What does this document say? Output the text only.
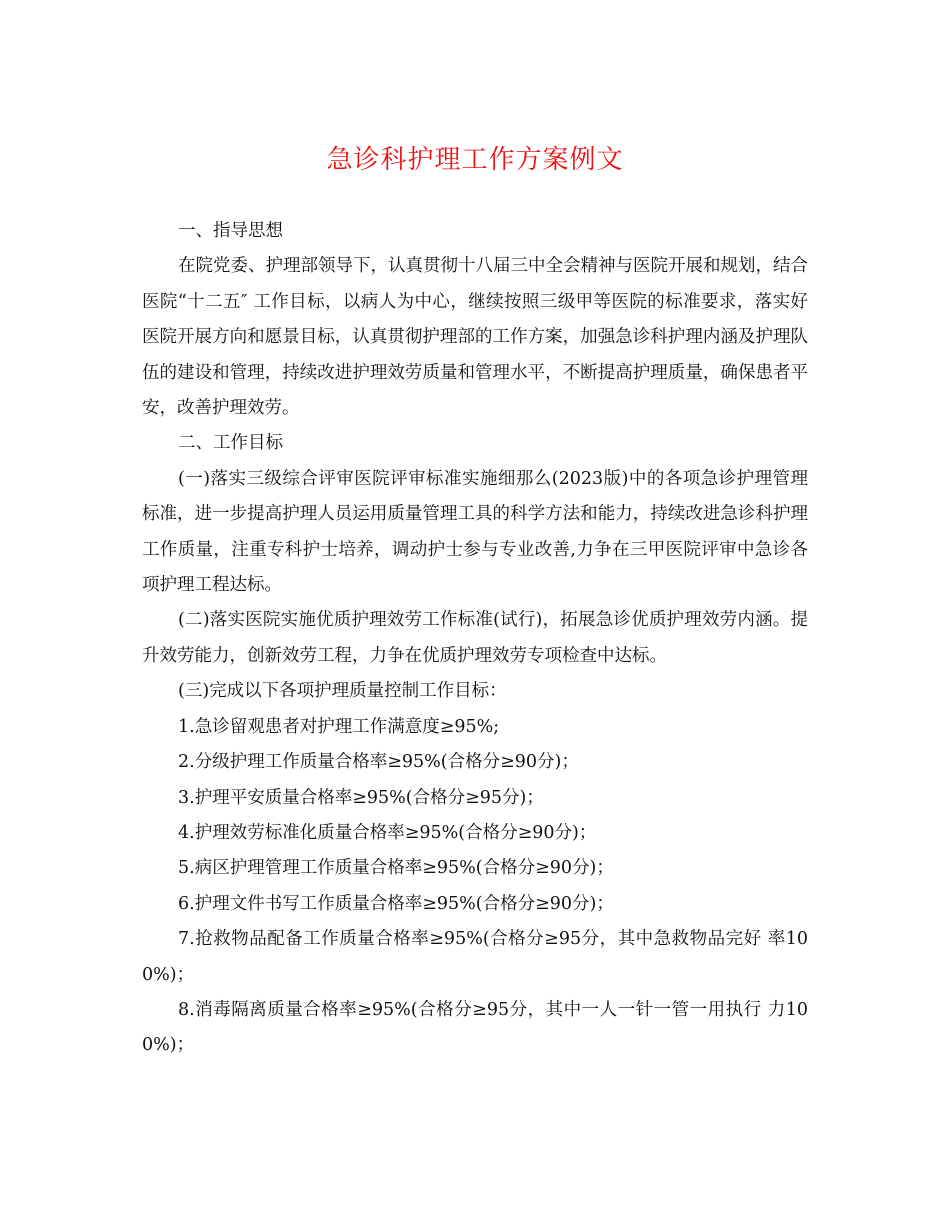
急诊科护理工作方案例文

一、指导思想

在院党委、护理部领导下，认真贯彻十八届三中全会精神与医院开展和规划，结合医院“十二五″ 工作目标，以病人为中心，继续按照三级甲等医院的标准要求，落实好医院开展方向和愿景目标，认真贯彻护理部的工作方案，加强急诊科护理内涵及护理队伍的建设和管理，持续改进护理效劳质量和管理水平，不断提高护理质量，确保患者平安，改善护理效劳。

二、工作目标

(一)落实三级综合评审医院评审标准实施细那么(2023版)中的各项急诊护理管理标准，进一步提高护理人员运用质量管理工具的科学方法和能力，持续改进急诊科护理工作质量，注重专科护士培养，调动护士参与专业改善,力争在三甲医院评审中急诊各项护理工程达标。

(二)落实医院实施优质护理效劳工作标准(试行)，拓展急诊优质护理效劳内涵。提升效劳能力，创新效劳工程，力争在优质护理效劳专项检查中达标。

(三)完成以下各项护理质量控制工作目标：

1.急诊留观患者对护理工作满意度≥95%;

2.分级护理工作质量合格率≥95%(合格分≥90分)；

3.护理平安质量合格率≥95%(合格分≥95分)；

4.护理效劳标准化质量合格率≥95%(合格分≥90分)；

5.病区护理管理工作质量合格率≥95%(合格分≥90分)；

6.护理文件书写工作质量合格率≥95%(合格分≥90分)；

7.抢救物品配备工作质量合格率≥95%(合格分≥95分，其中急救物品完好 率100%)；

8.消毒隔离质量合格率≥95%(合格分≥95分，其中一人一针一管一用执行 力100%)；
